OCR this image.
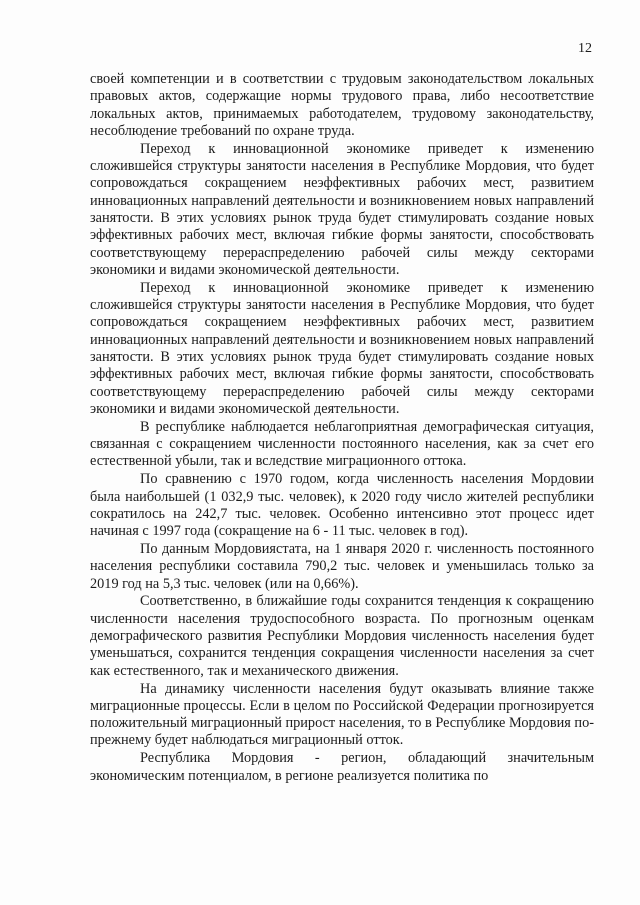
12

своей компетенции и в соответствии с трудовым законодательством локальных правовых актов, содержащие нормы трудового права, либо несоответствие локальных актов, принимаемых работодателем, трудовому законодательству, несоблюдение требований по охране труда.

Переход к инновационной экономике приведет к изменению сложившейся структуры занятости населения в Республике Мордовия, что будет сопровождаться сокращением неэффективных рабочих мест, развитием инновационных направлений деятельности и возникновением новых направлений занятости. В этих условиях рынок труда будет стимулировать создание новых эффективных рабочих мест, включая гибкие формы занятости, способствовать соответствующему перераспределению рабочей силы между секторами экономики и видами экономической деятельности.

Переход к инновационной экономике приведет к изменению сложившейся структуры занятости населения в Республике Мордовия, что будет сопровождаться сокращением неэффективных рабочих мест, развитием инновационных направлений деятельности и возникновением новых направлений занятости. В этих условиях рынок труда будет стимулировать создание новых эффективных рабочих мест, включая гибкие формы занятости, способствовать соответствующему перераспределению рабочей силы между секторами экономики и видами экономической деятельности.

В республике наблюдается неблагоприятная демографическая ситуация, связанная с сокращением численности постоянного населения, как за счет его естественной убыли, так и вследствие миграционного оттока.

По сравнению с 1970 годом, когда численность населения Мордовии была наибольшей (1 032,9 тыс. человек), к 2020 году число жителей республики сократилось на 242,7 тыс. человек. Особенно интенсивно этот процесс идет начиная с 1997 года (сокращение на 6 - 11 тыс. человек в год).

По данным Мордовиястата, на 1 января 2020 г. численность постоянного населения республики составила 790,2 тыс. человек и уменьшилась только за 2019 год на 5,3 тыс. человек (или на 0,66%).

Соответственно, в ближайшие годы сохранится тенденция к сокращению численности населения трудоспособного возраста. По прогнозным оценкам демографического развития Республики Мордовия численность населения будет уменьшаться, сохранится тенденция сокращения численности населения за счет как естественного, так и механического движения.

На динамику численности населения будут оказывать влияние также миграционные процессы. Если в целом по Российской Федерации прогнозируется положительный миграционный прирост населения, то в Республике Мордовия по-прежнему будет наблюдаться миграционный отток.

Республика Мордовия - регион, обладающий значительным экономическим потенциалом, в регионе реализуется политика по
